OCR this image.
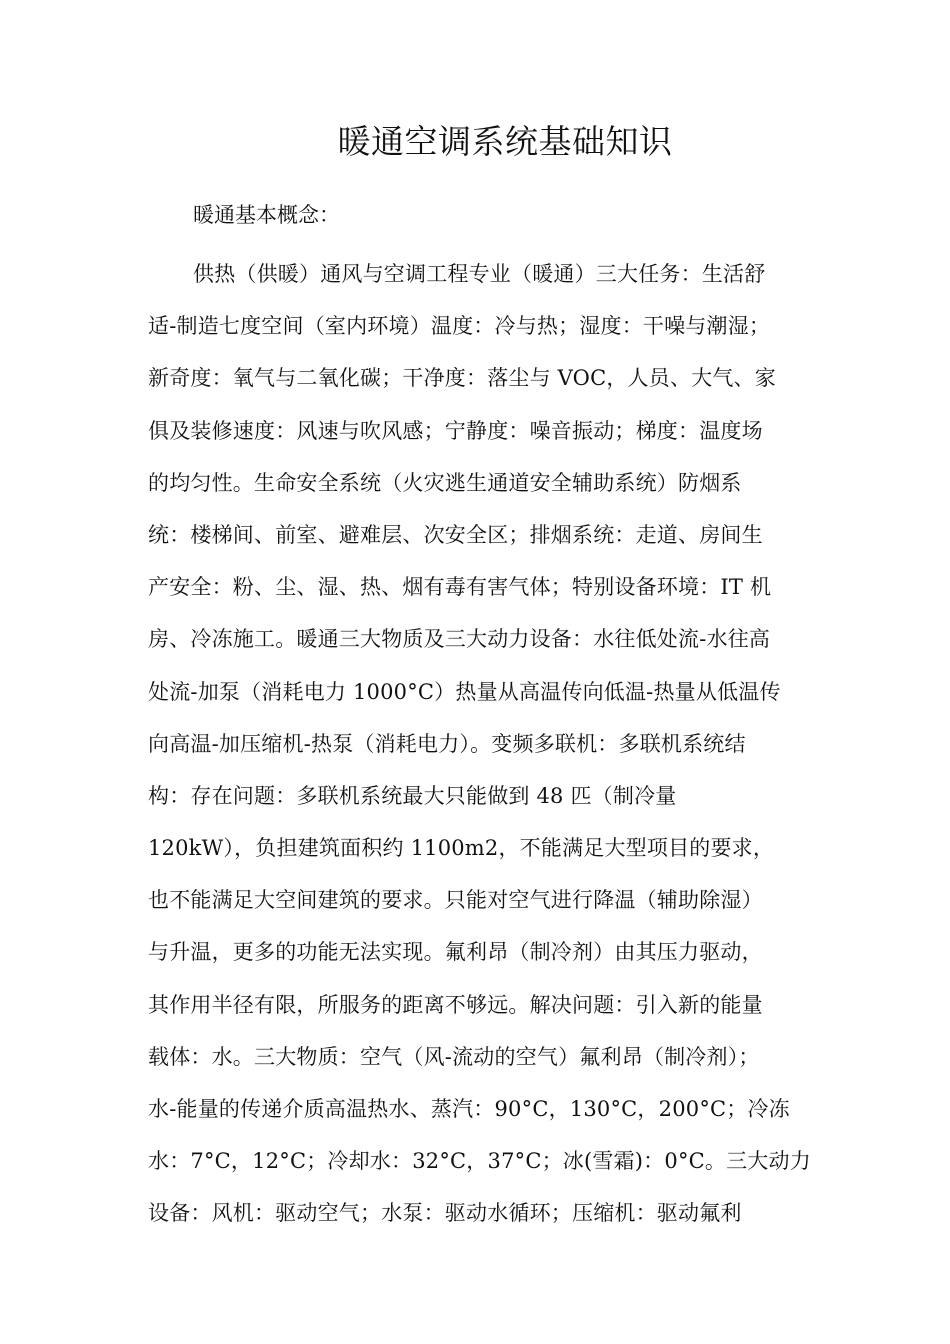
暖通空调系统基础知识
暖通基本概念：
供热（供暖）通风与空调工程专业（暖通）三大任务：生活舒
适-制造七度空间（室内环境）温度：冷与热；湿度：干噪与潮湿；
新奇度：氧气与二氧化碳；干净度：落尘与 VOC，人员、大气、家
俱及装修速度：风速与吹风感；宁静度：噪音振动；梯度：温度场
的均匀性。生命安全系统（火灾逃生通道安全辅助系统）防烟系
统：楼梯间、前室、避难层、次安全区；排烟系统：走道、房间生
产安全：粉、尘、湿、热、烟有毒有害气体；特别设备环境：IT 机
房、冷冻施工。暖通三大物质及三大动力设备：水往低处流-水往高
处流-加泵（消耗电力 1000°C）热量从高温传向低温-热量从低温传
向高温-加压缩机-热泵（消耗电力）。变频多联机：多联机系统结
构：存在问题：多联机系统最大只能做到 48 匹（制冷量
120kW），负担建筑面积约 1100m2，不能满足大型项目的要求，
也不能满足大空间建筑的要求。只能对空气进行降温（辅助除湿）
与升温，更多的功能无法实现。氟利昂（制冷剂）由其压力驱动，
其作用半径有限，所服务的距离不够远。解决问题：引入新的能量
载体：水。三大物质：空气（风-流动的空气）氟利昂（制冷剂）；
水-能量的传递介质高温热水、蒸汽：90°C，130°C，200°C；冷冻
水：7°C，12°C；冷却水：32°C，37°C；冰(雪霜)：0°C。三大动力
设备：风机：驱动空气；水泵：驱动水循环；压缩机：驱动氟利
